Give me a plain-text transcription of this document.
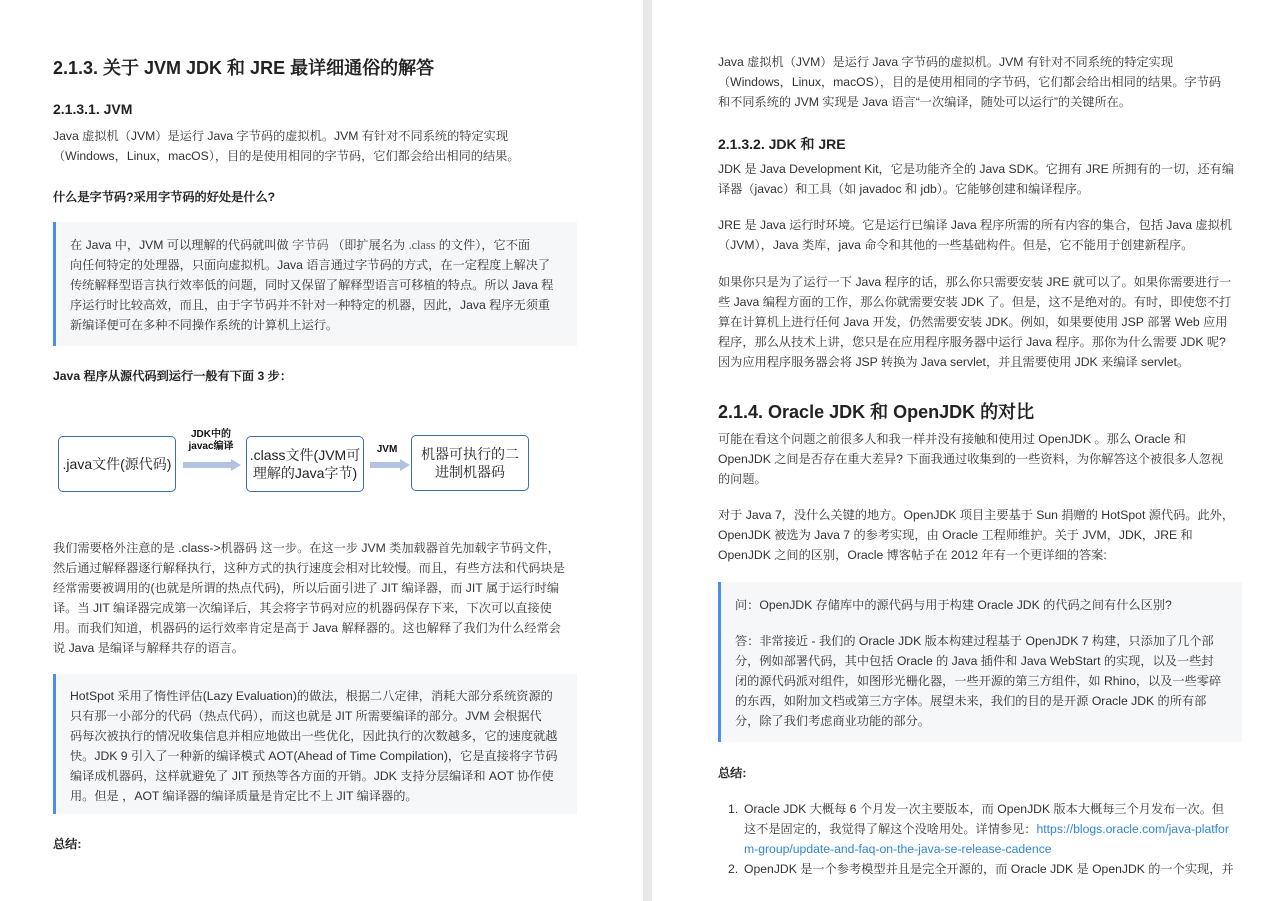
2.1.3. 关于 JVM JDK 和 JRE 最详细通俗的解答
2.1.3.1. JVM

Java 虚拟机（JVM）是运行 Java 字节码的虚拟机。JVM 有针对不同系统的特定实现

（Windows，Linux，macOS），目的是使用相同的字节码，它们都会给出相同的结果。

什么是字节码?采用字节码的好处是什么?

在 Java 中，JVM 可以理解的代码就叫做 字节码 （即扩展名为 .class 的文件），它不面

向任何特定的处理器，只面向虚拟机。Java 语言通过字节码的方式，在一定程度上解决了

传统解释型语言执行效率低的问题，同时又保留了解释型语言可移植的特点。所以 Java 程

序运行时比较高效，而且，由于字节码并不针对一种特定的机器，因此，Java 程序无须重

新编译便可在多种不同操作系统的计算机上运行。

Java 程序从源代码到运行一般有下面 3 步：
.java文件(源代码)
JDK中的
javac编译
.class文件(JVM可
理解的Java字节)
JVM	机器可执行的二
进制机器码

我们需要格外注意的是 .class->机器码 这一步。在这一步 JVM 类加载器首先加载字节码文件，

然后通过解释器逐行解释执行，这种方式的执行速度会相对比较慢。而且，有些方法和代码块是

经常需要被调用的(也就是所谓的热点代码)，所以后面引进了 JIT 编译器，而 JIT 属于运行时编

译。当 JIT 编译器完成第一次编译后，其会将字节码对应的机器码保存下来，下次可以直接使

用。而我们知道，机器码的运行效率肯定是高于 Java 解释器的。这也解释了我们为什么经常会

说 Java 是编译与解释共存的语言。

HotSpot 采用了惰性评估(Lazy Evaluation)的做法，根据二八定律，消耗大部分系统资源的

只有那一小部分的代码（热点代码），而这也就是 JIT 所需要编译的部分。JVM 会根据代

码每次被执行的情况收集信息并相应地做出一些优化，因此执行的次数越多，它的速度就越

快。JDK 9 引入了一种新的编译模式 AOT(Ahead of Time Compilation)，它是直接将字节码

编译成机器码，这样就避免了 JIT 预热等各方面的开销。JDK 支持分层编译和 AOT 协作使

用。但是 ，AOT 编译器的编译质量是肯定比不上 JIT 编译器的。

总结:

Java 虚拟机（JVM）是运行 Java 字节码的虚拟机。JVM 有针对不同系统的特定实现

（Windows，Linux，macOS），目的是使用相同的字节码，它们都会给出相同的结果。字节码

和不同系统的 JVM 实现是 Java 语言“一次编译，随处可以运行”的关键所在。

2.1.3.2. JDK 和 JRE

JDK 是 Java Development Kit，它是功能齐全的 Java SDK。它拥有 JRE 所拥有的一切，还有编

译器（javac）和工具（如 javadoc 和 jdb）。它能够创建和编译程序。

JRE 是 Java 运行时环境。它是运行已编译 Java 程序所需的所有内容的集合，包括 Java 虚拟机

（JVM），Java 类库，java 命令和其他的一些基础构件。但是，它不能用于创建新程序。

如果你只是为了运行一下 Java 程序的话，那么你只需要安装 JRE 就可以了。如果你需要进行一

些 Java 编程方面的工作，那么你就需要安装 JDK 了。但是，这不是绝对的。有时，即使您不打

算在计算机上进行任何 Java 开发，仍然需要安装 JDK。例如，如果要使用 JSP 部署 Web 应用

程序，那么从技术上讲，您只是在应用程序服务器中运行 Java 程序。那你为什么需要 JDK 呢?

因为应用程序服务器会将 JSP 转换为 Java servlet，并且需要使用 JDK 来编译 servlet。

2.1.4. Oracle JDK 和 OpenJDK 的对比

可能在看这个问题之前很多人和我一样并没有接触和使用过 OpenJDK 。那么 Oracle 和

OpenJDK 之间是否存在重大差异? 下面我通过收集到的一些资料，为你解答这个被很多人忽视

的问题。

对于 Java 7，没什么关键的地方。OpenJDK 项目主要基于 Sun 捐赠的 HotSpot 源代码。此外，

OpenJDK 被选为 Java 7 的参考实现，由 Oracle 工程师维护。关于 JVM，JDK，JRE 和

OpenJDK 之间的区别，Oracle 博客帖子在 2012 年有一个更详细的答案:

问：OpenJDK 存储库中的源代码与用于构建 Oracle JDK 的代码之间有什么区别?

答：非常接近 - 我们的 Oracle JDK 版本构建过程基于 OpenJDK 7 构建，只添加了几个部

分，例如部署代码，其中包括 Oracle 的 Java 插件和 Java WebStart 的实现，以及一些封

闭的源代码派对组件，如图形光栅化器，一些开源的第三方组件，如 Rhino，以及一些零碎

的东西，如附加文档或第三方字体。展望未来，我们的目的是开源 Oracle JDK 的所有部

分，除了我们考虑商业功能的部分。

总结:
1. Oracle JDK 大概每 6 个月发一次主要版本，而 OpenJDK 版本大概每三个月发布一次。但
这不是固定的，我觉得了解这个没啥用处。详情参见：https://blogs.oracle.com/java-platfor
m-group/update-and-faq-on-the-java-se-release-cadence
2. OpenJDK 是一个参考模型并且是完全开源的，而 Oracle JDK 是 OpenJDK 的一个实现，并
